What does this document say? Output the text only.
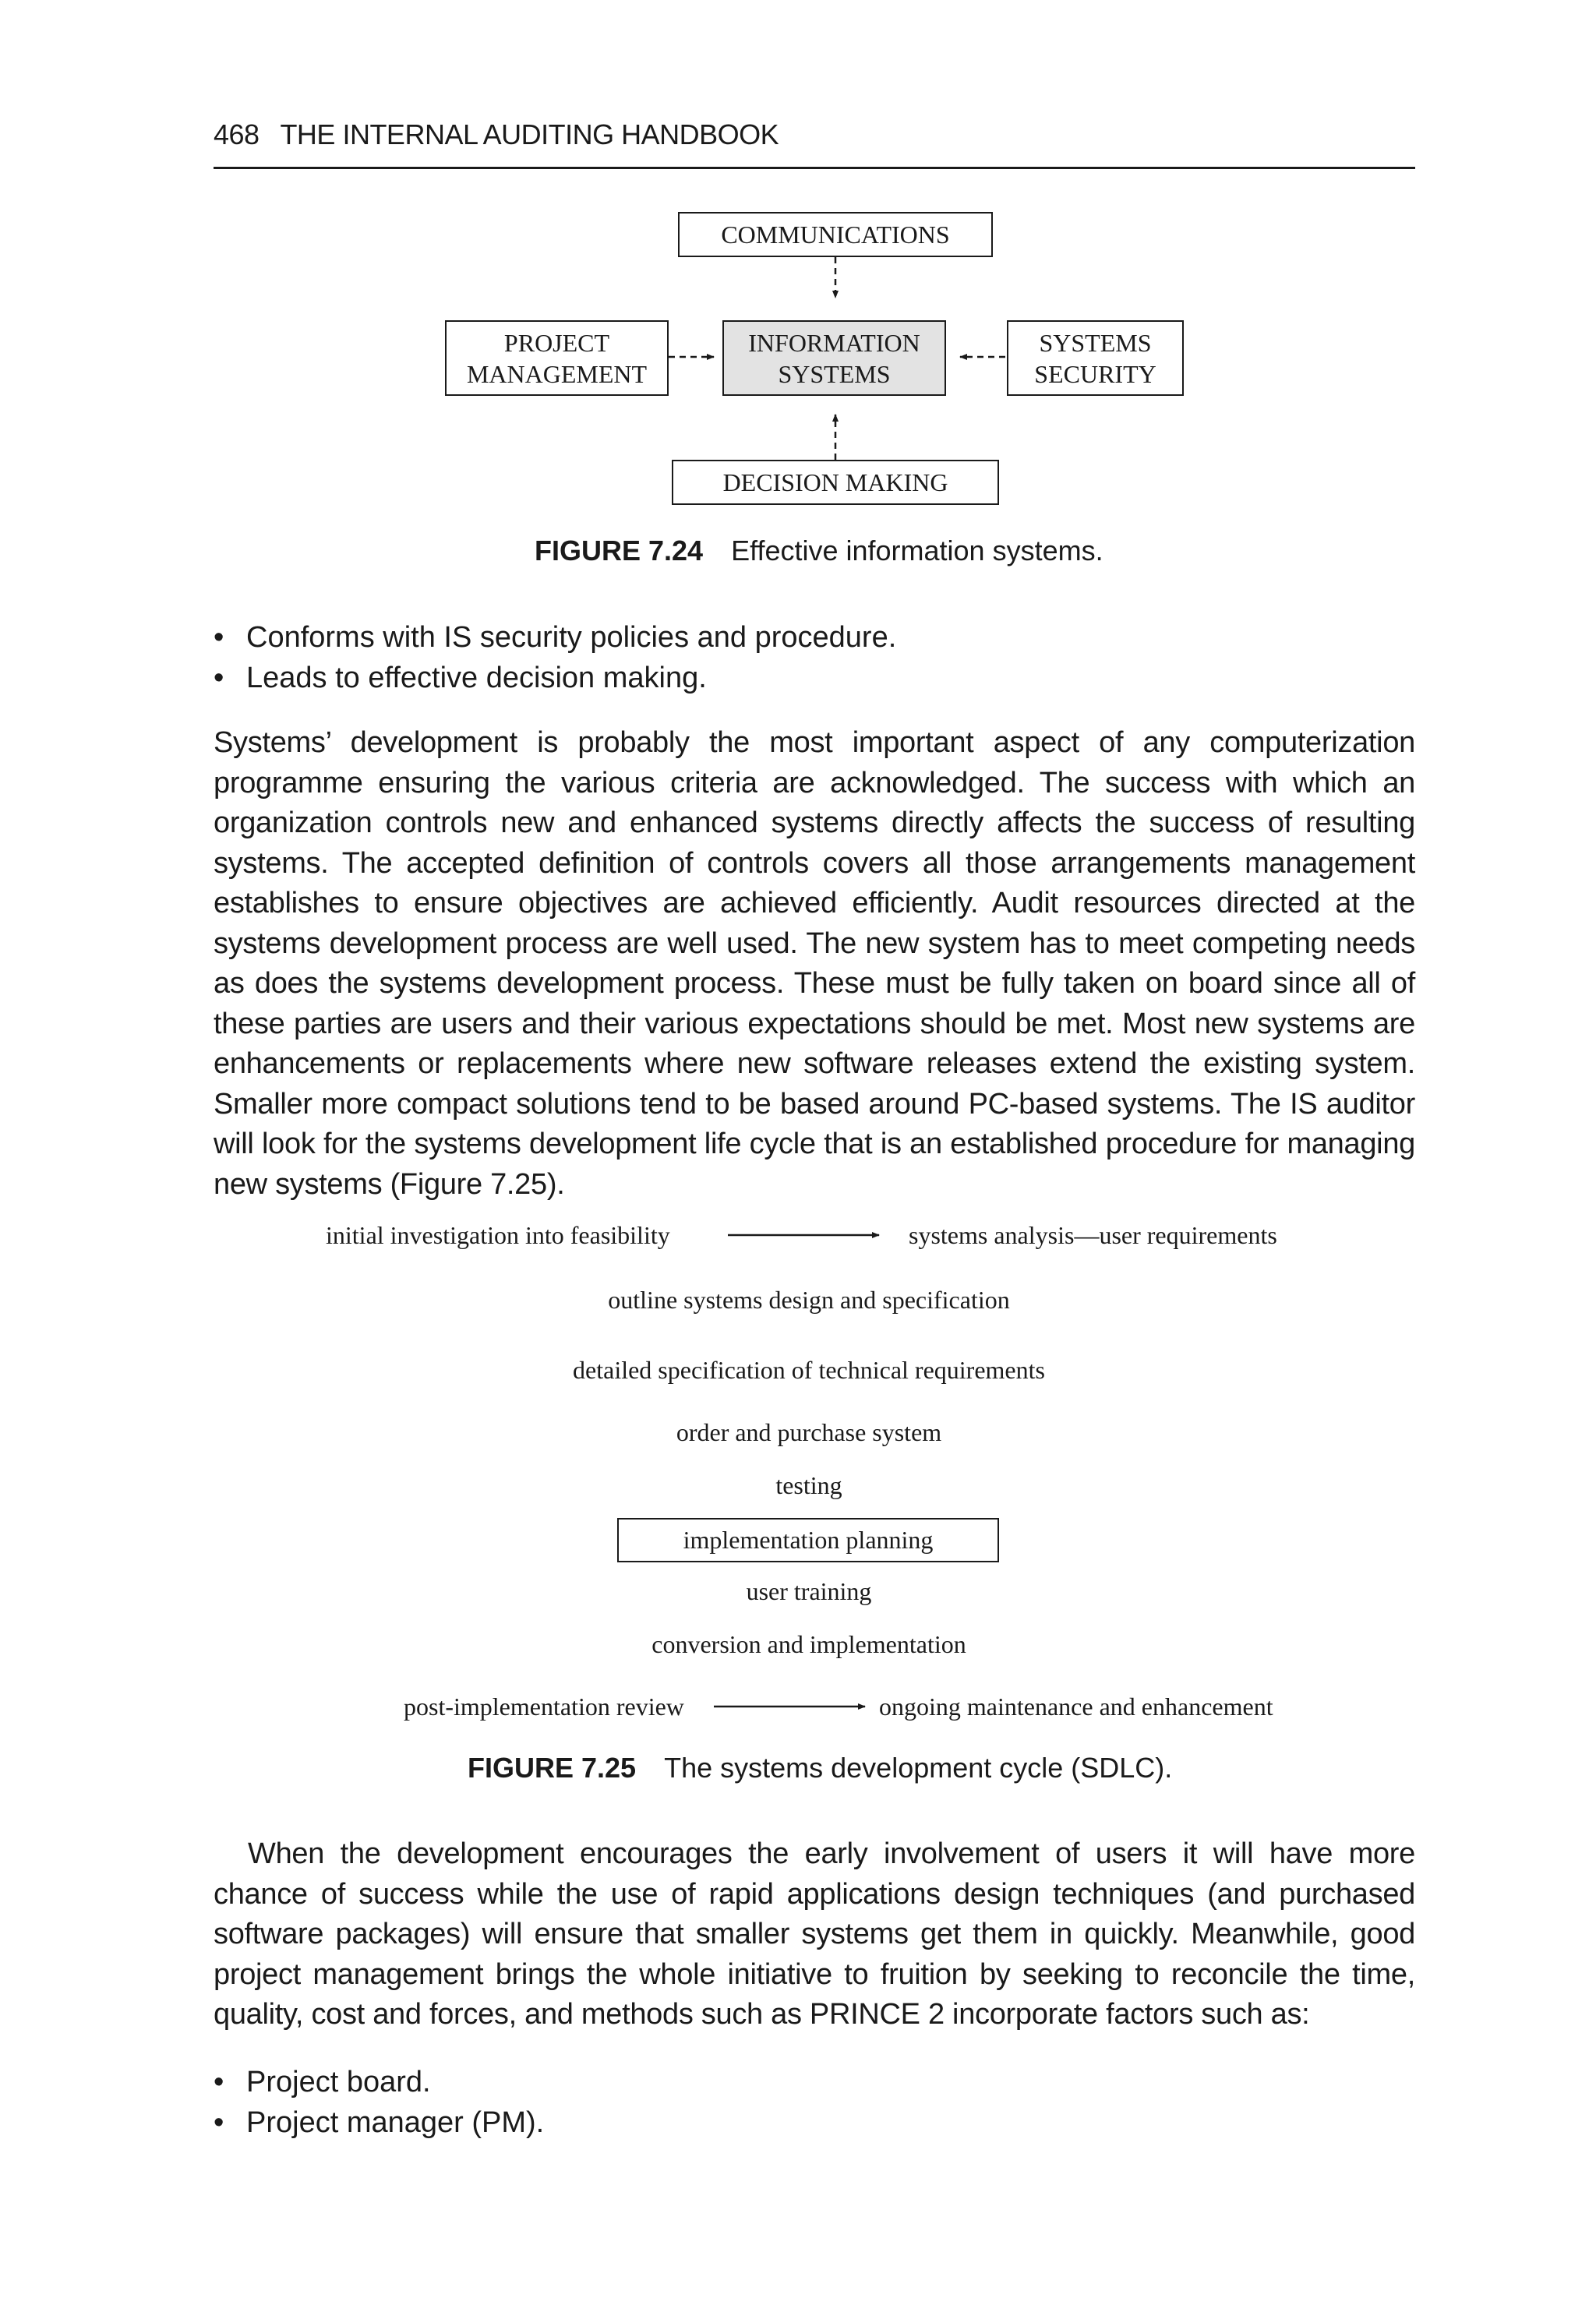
468 THE INTERNAL AUDITING HANDBOOK
COMMUNICATIONS
PROJECT
MANAGEMENT
INFORMATION
SYSTEMS
SYSTEMS
SECURITY
DECISION MAKING
FIGURE 7.24 Effective information systems.
• Conforms with IS security policies and procedure.
• Leads to effective decision making.

Systems’ development is probably the most important aspect of any computerization programme ensuring the various criteria are acknowledged. The success with which an organization controls new and enhanced systems directly affects the success of resulting systems. The accepted definition of controls covers all those arrangements management establishes to ensure objectives are achieved efficiently. Audit resources directed at the systems development process are well used. The new system has to meet competing needs as does the systems development process. These must be fully taken on board since all of these parties are users and their various expectations should be met. Most new systems are enhancements or replacements where new software releases extend the existing system. Smaller more compact solutions tend to be based around PC-based systems. The IS auditor will look for the systems development life cycle that is an established procedure for managing new systems (Figure 7.25).

initial investigation into feasibility	systems analysis—user requirements
outline systems design and specification
detailed specification of technical requirements
order and purchase system
testing
implementation planning
user training
conversion and implementation
post-implementation review	ongoing maintenance and enhancement
FIGURE 7.25 The systems development cycle (SDLC).

When the development encourages the early involvement of users it will have more chance of success while the use of rapid applications design techniques (and purchased software packages) will ensure that smaller systems get them in quickly. Meanwhile, good project management brings the whole initiative to fruition by seeking to reconcile the time, quality, cost and forces, and methods such as PRINCE 2 incorporate factors such as:

• Project board.
• Project manager (PM).
